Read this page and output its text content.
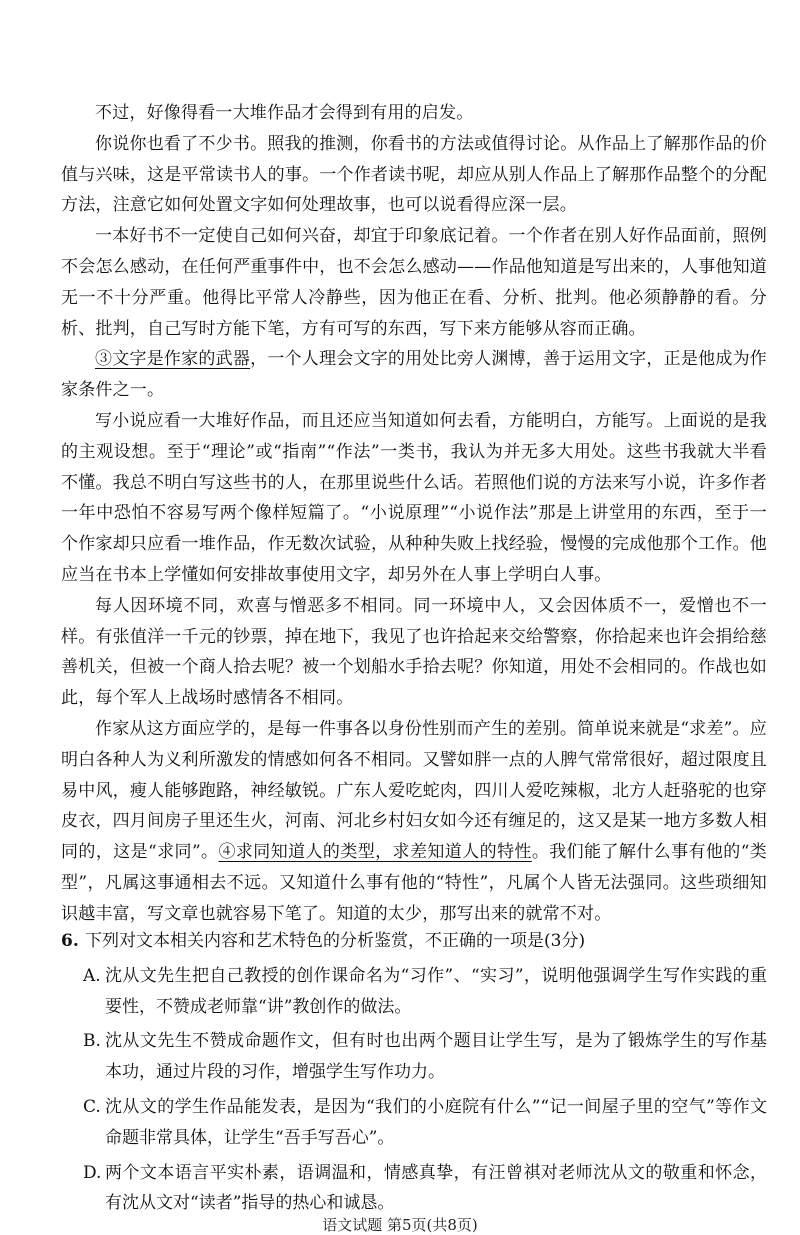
不过，好像得看一大堆作品才会得到有用的启发。

你说你也看了不少书。照我的推测，你看书的方法或值得讨论。从作品上了解那作品的价值与兴味，这是平常读书人的事。一个作者读书呢，却应从别人作品上了解那作品整个的分配方法，注意它如何处置文字如何处理故事，也可以说看得应深一层。

一本好书不一定使自己如何兴奋，却宜于印象底记着。一个作者在别人好作品面前，照例不会怎么感动，在任何严重事件中，也不会怎么感动——作品他知道是写出来的，人事他知道无一不十分严重。他得比平常人冷静些，因为他正在看、分析、批判。他必须静静的看。分析、批判，自己写时方能下笔，方有可写的东西，写下来方能够从容而正确。

③文字是作家的武器，一个人理会文字的用处比旁人渊博，善于运用文字，正是他成为作家条件之一。

写小说应看一大堆好作品，而且还应当知道如何去看，方能明白，方能写。上面说的是我的主观设想。至于“理论”或“指南”“作法”一类书，我认为并无多大用处。这些书我就大半看不懂。我总不明白写这些书的人，在那里说些什么话。若照他们说的方法来写小说，许多作者一年中恐怕不容易写两个像样短篇了。“小说原理”“小说作法”那是上讲堂用的东西，至于一个作家却只应看一堆作品，作无数次试验，从种种失败上找经验，慢慢的完成他那个工作。他应当在书本上学懂如何安排故事使用文字，却另外在人事上学明白人事。

每人因环境不同，欢喜与憎恶多不相同。同一环境中人，又会因体质不一，爱憎也不一样。有张值洋一千元的钞票，掉在地下，我见了也许拾起来交给警察，你拾起来也许会捐给慈善机关，但被一个商人拾去呢？被一个划船水手拾去呢？你知道，用处不会相同的。作战也如此，每个军人上战场时感情各不相同。

作家从这方面应学的，是每一件事各以身份性别而产生的差别。简单说来就是“求差”。应明白各种人为义利所激发的情感如何各不相同。又譬如胖一点的人脾气常常很好，超过限度且易中风，瘦人能够跑路，神经敏锐。广东人爱吃蛇肉，四川人爱吃辣椒，北方人赶骆驼的也穿皮衣，四月间房子里还生火，河南、河北乡村妇女如今还有缠足的，这又是某一地方多数人相同的，这是“求同”。④求同知道人的类型，求差知道人的特性。我们能了解什么事有他的“类型”，凡属这事通相去不远。又知道什么事有他的“特性”，凡属个人皆无法强同。这些琐细知识越丰富，写文章也就容易下笔了。知道的太少，那写出来的就常不对。

6. 下列对文本相关内容和艺术特色的分析鉴赏，不正确的一项是(3分)
A. 沈从文先生把自己教授的创作课命名为“习作”、“实习”，说明他强调学生写作实践的重要性，不赞成老师靠“讲”教创作的做法。
B. 沈从文先生不赞成命题作文，但有时也出两个题目让学生写，是为了锻炼学生的写作基本功，通过片段的习作，增强学生写作功力。
C. 沈从文的学生作品能发表，是因为“我们的小庭院有什么”“记一间屋子里的空气”等作文命题非常具体，让学生“吾手写吾心”。
D. 两个文本语言平实朴素，语调温和，情感真挚，有汪曾祺对老师沈从文的敬重和怀念，有沈从文对“读者”指导的热心和诚恳。
语文试题 第5页(共8页)
